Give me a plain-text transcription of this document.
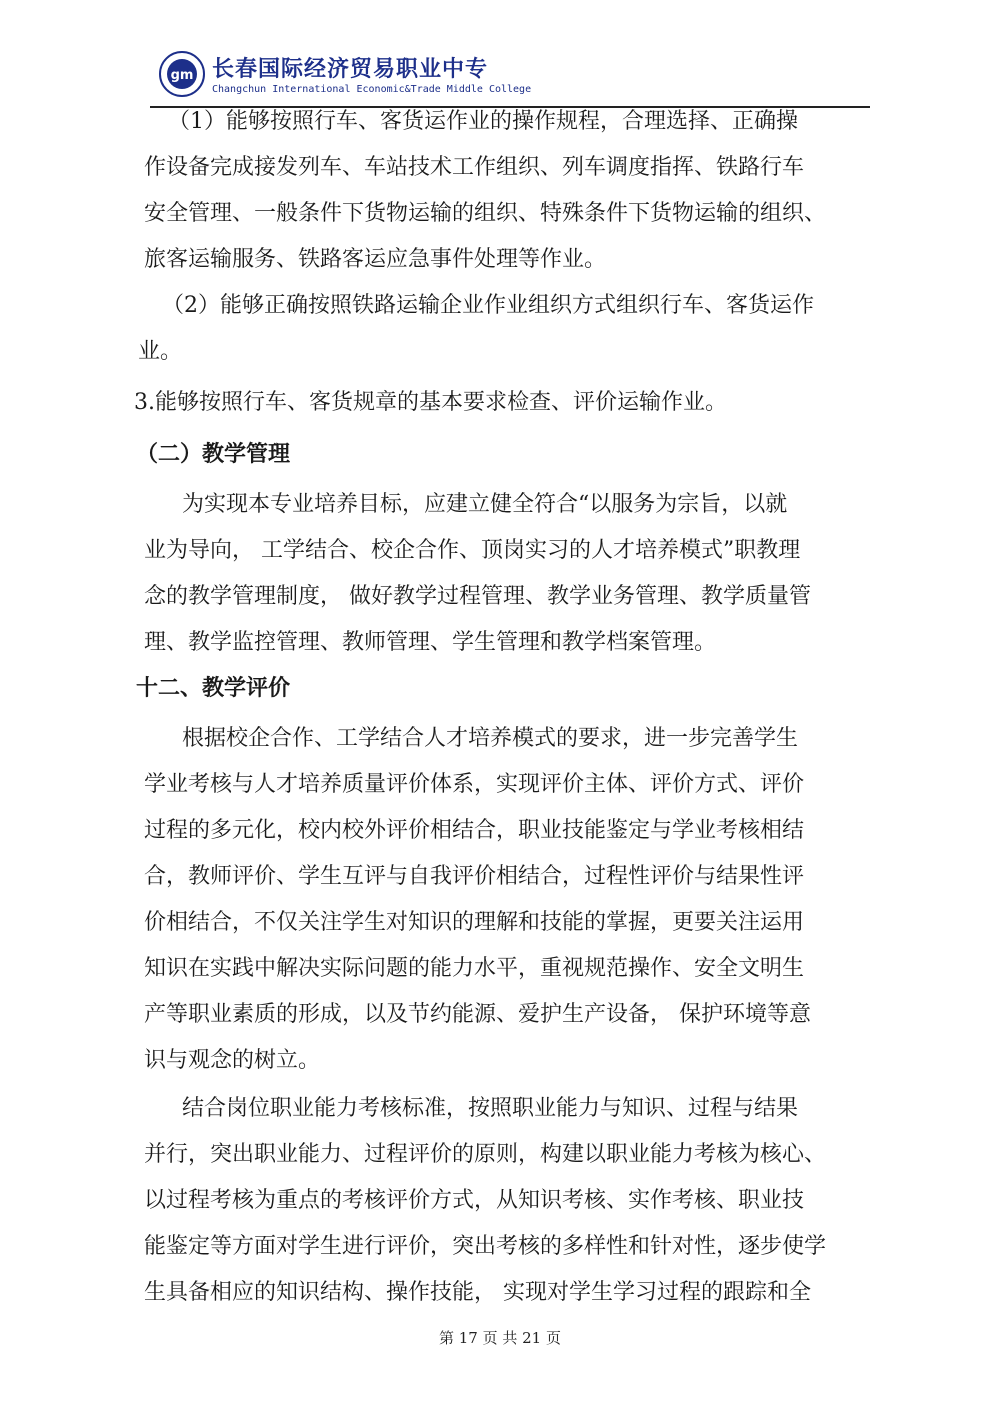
gm 长春国际经济贸易职业中专
Changchun International Economic&Trade Middle College
（1）能够按照行车、客货运作业的操作规程，合理选择、正确操
作设备完成接发列车、车站技术工作组织、列车调度指挥、铁路行车
安全管理、一般条件下货物运输的组织、特殊条件下货物运输的组织、
旅客运输服务、铁路客运应急事件处理等作业。
（2）能够正确按照铁路运输企业作业组织方式组织行车、客货运作
业。
3.能够按照行车、客货规章的基本要求检查、评价运输作业。
（二）教学管理
为实现本专业培养目标，应建立健全符合“以服务为宗旨，以就
业为导向， 工学结合、校企合作、顶岗实习的人才培养模式”职教理
念的教学管理制度， 做好教学过程管理、教学业务管理、教学质量管
理、教学监控管理、教师管理、学生管理和教学档案管理。
十二、教学评价
根据校企合作、工学结合人才培养模式的要求，进一步完善学生
学业考核与人才培养质量评价体系，实现评价主体、评价方式、评价
过程的多元化，校内校外评价相结合，职业技能鉴定与学业考核相结
合，教师评价、学生互评与自我评价相结合，过程性评价与结果性评
价相结合，不仅关注学生对知识的理解和技能的掌握，更要关注运用
知识在实践中解决实际问题的能力水平，重视规范操作、安全文明生
产等职业素质的形成，以及节约能源、爱护生产设备， 保护环境等意
识与观念的树立。
结合岗位职业能力考核标准，按照职业能力与知识、过程与结果
并行，突出职业能力、过程评价的原则，构建以职业能力考核为核心、
以过程考核为重点的考核评价方式，从知识考核、实作考核、职业技
能鉴定等方面对学生进行评价，突出考核的多样性和针对性，逐步使学
生具备相应的知识结构、操作技能， 实现对学生学习过程的跟踪和全
第 17 页 共 21 页
